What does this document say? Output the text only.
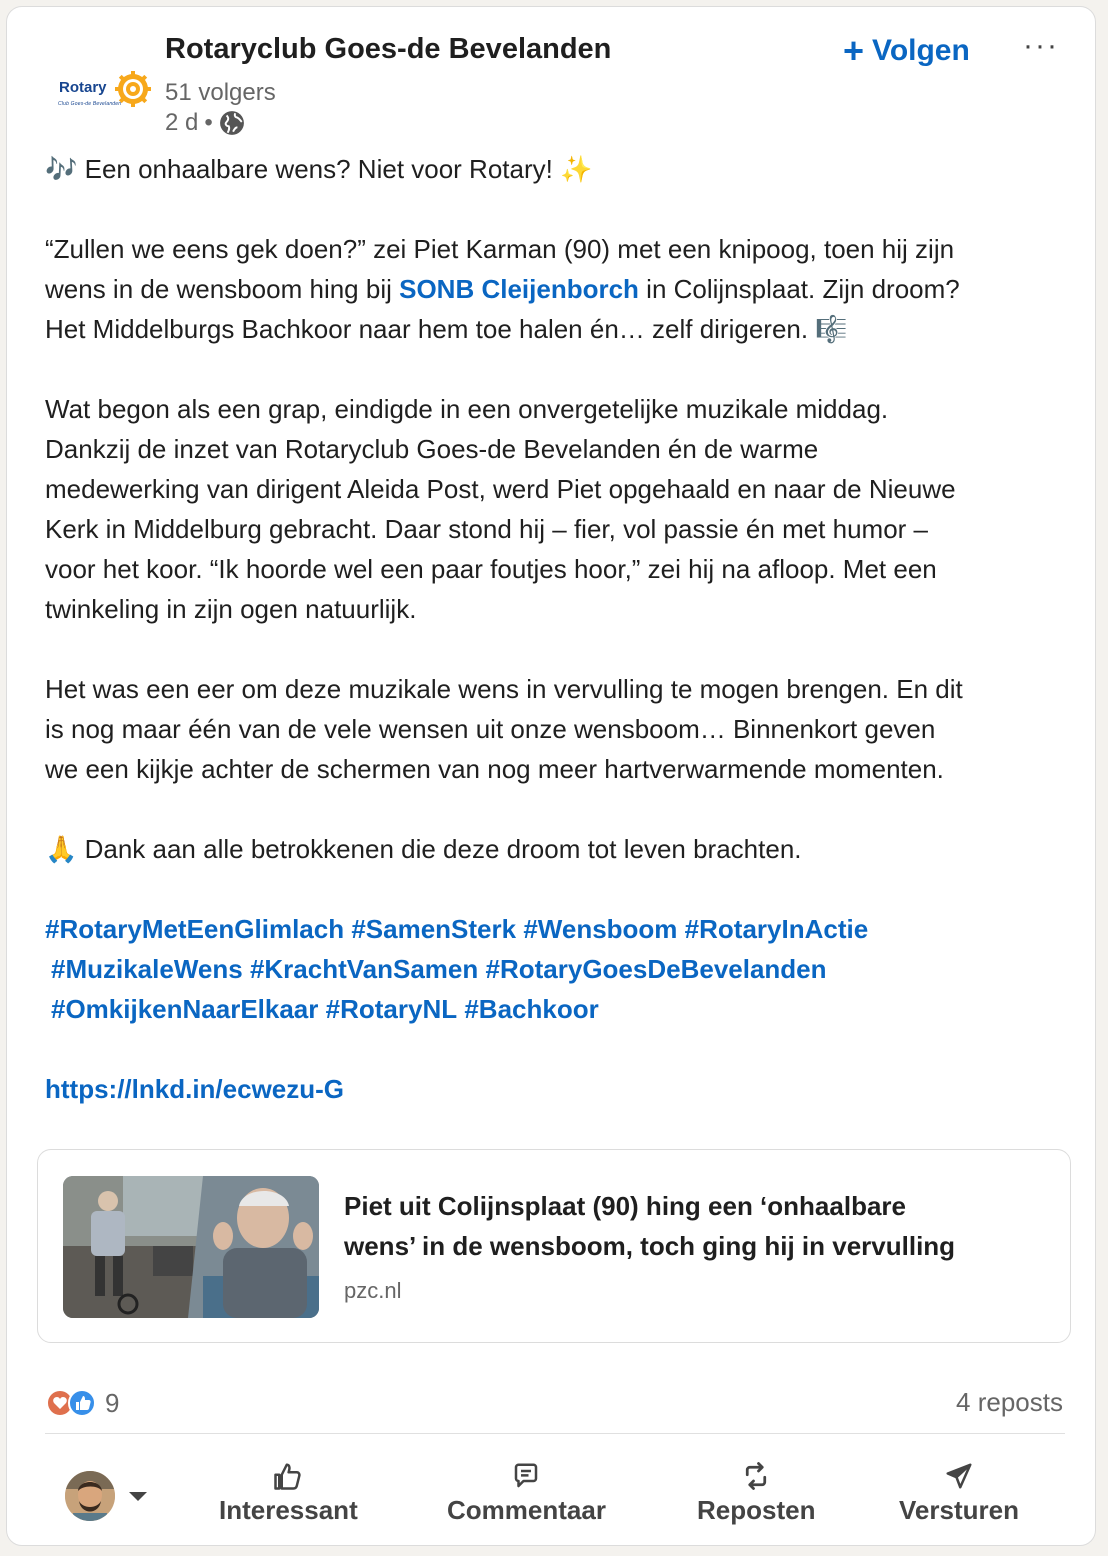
Rotary
Club Goes-de Bevelanden
Rotaryclub Goes-de Bevelanden
51 volgers
2 d •
+ Volgen ···
🎶 Een onhaalbare wens? Niet voor Rotary! ✨
“Zullen we eens gek doen?” zei Piet Karman (90) met een knipoog, toen hij zijn
wens in de wensboom hing bij SONB Cleijenborch in Colijnsplaat. Zijn droom?
Het Middelburgs Bachkoor naar hem toe halen én… zelf dirigeren. 🎼
Wat begon als een grap, eindigde in een onvergetelijke muzikale middag.
Dankzij de inzet van Rotaryclub Goes-de Bevelanden én de warme
medewerking van dirigent Aleida Post, werd Piet opgehaald en naar de Nieuwe
Kerk in Middelburg gebracht. Daar stond hij – fier, vol passie én met humor –
voor het koor. “Ik hoorde wel een paar foutjes hoor,” zei hij na afloop. Met een
twinkeling in zijn ogen natuurlijk.
Het was een eer om deze muzikale wens in vervulling te mogen brengen. En dit
is nog maar één van de vele wensen uit onze wensboom… Binnenkort geven
we een kijkje achter de schermen van nog meer hartverwarmende momenten.
🙏 Dank aan alle betrokkenen die deze droom tot leven brachten.
#RotaryMetEenGlimlach #SamenSterk #Wensboom #RotaryInActie
#MuzikaleWens #KrachtVanSamen #RotaryGoesDeBevelanden
#OmkijkenNaarElkaar #RotaryNL #Bachkoor
https://lnkd.in/ecwezu-G
Piet uit Colijnsplaat (90) hing een ‘onhaalbare
wens’ in de wensboom, toch ging hij in vervulling
pzc.nl
9	4 reposts
Interessant	Commentaar	Reposten	Versturen
